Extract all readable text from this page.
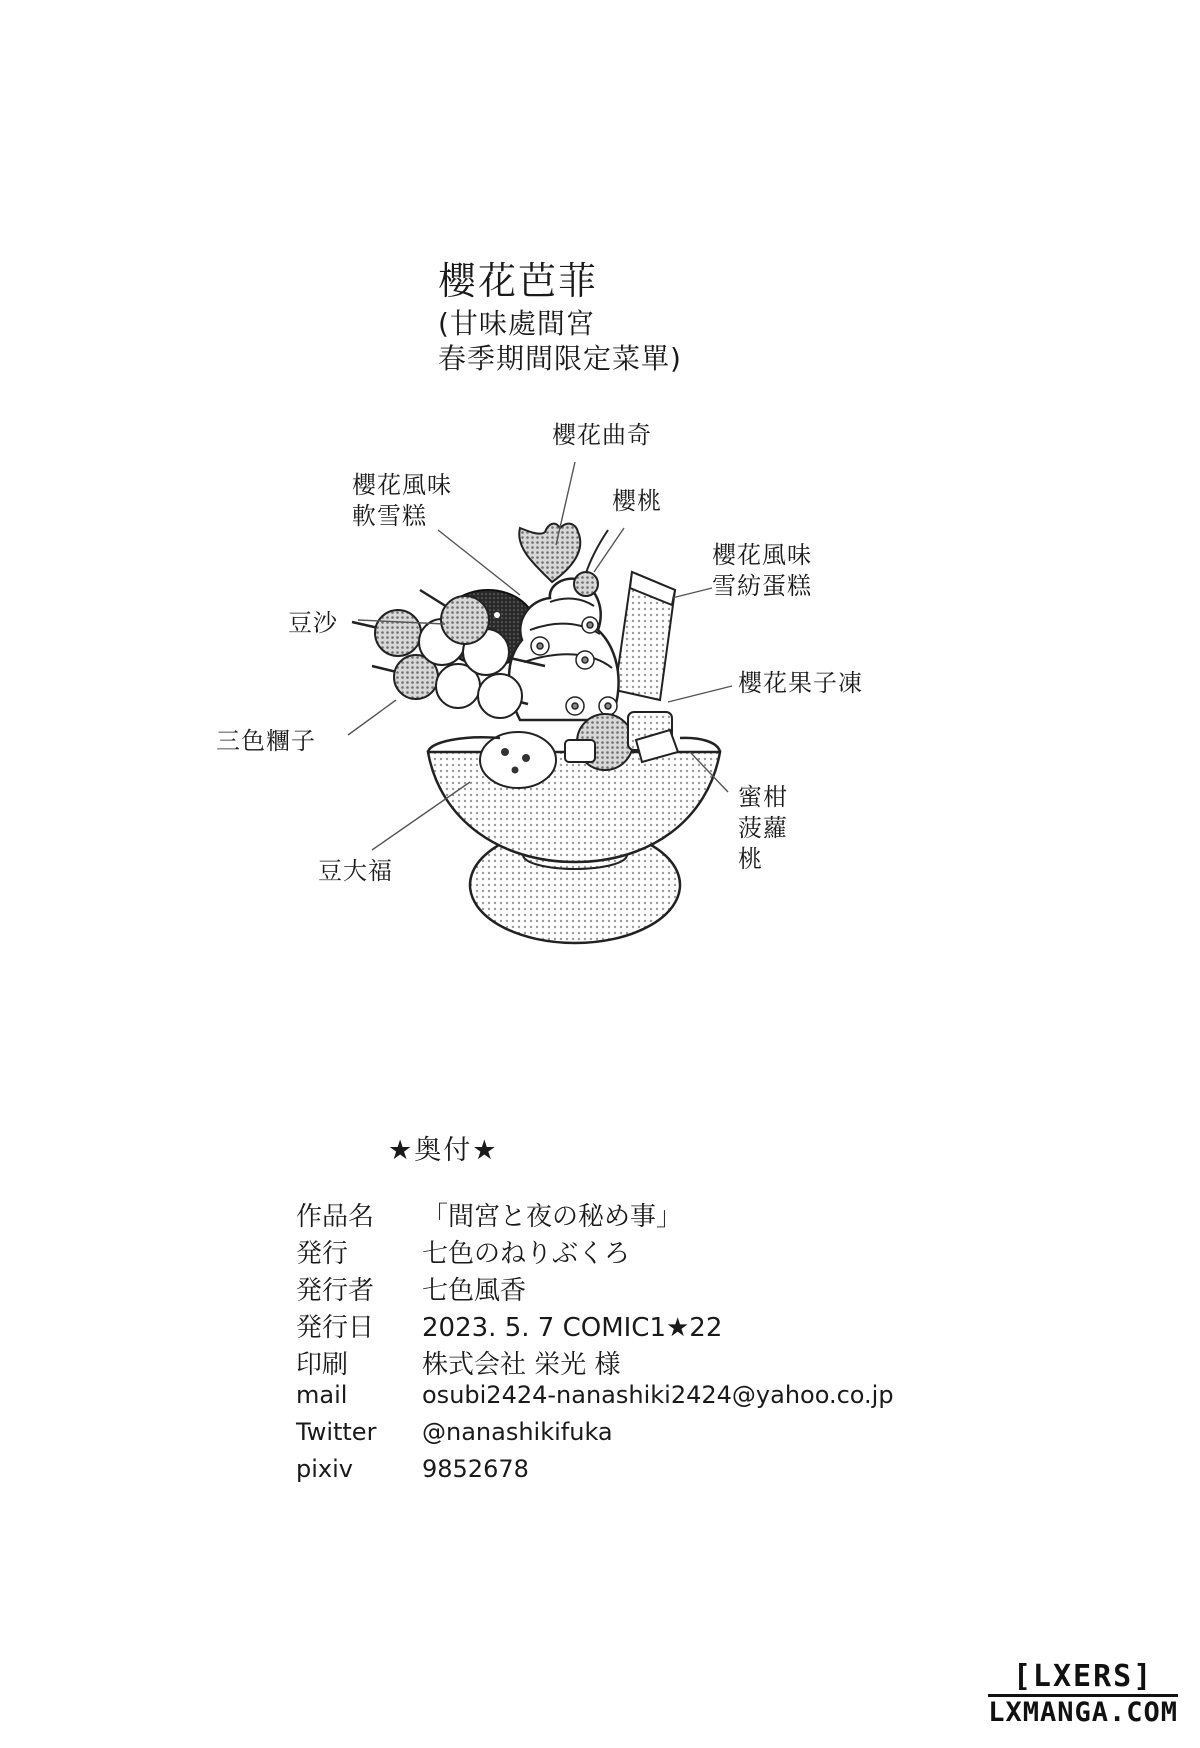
櫻花芭菲
(甘味處間宮
春季期間限定菜單)
櫻花曲奇
櫻桃
櫻花風味
軟雪糕
櫻花風味
雪紡蛋糕
豆沙
櫻花果子凍
三色糰子
蜜柑
菠蘿
桃
豆大福
★奥付★
作品名	「間宮と夜の秘め事」
発行	七色のねりぶくろ
発行者	七色風香
発行日	2023. 5. 7 COMIC1★22
印刷	株式会社 栄光 様
mail	osubi2424-nanashiki2424@yahoo.co.jp
Twitter	@nanashikifuka
pixiv	9852678
[LXERS]
LXMANGA.COM
